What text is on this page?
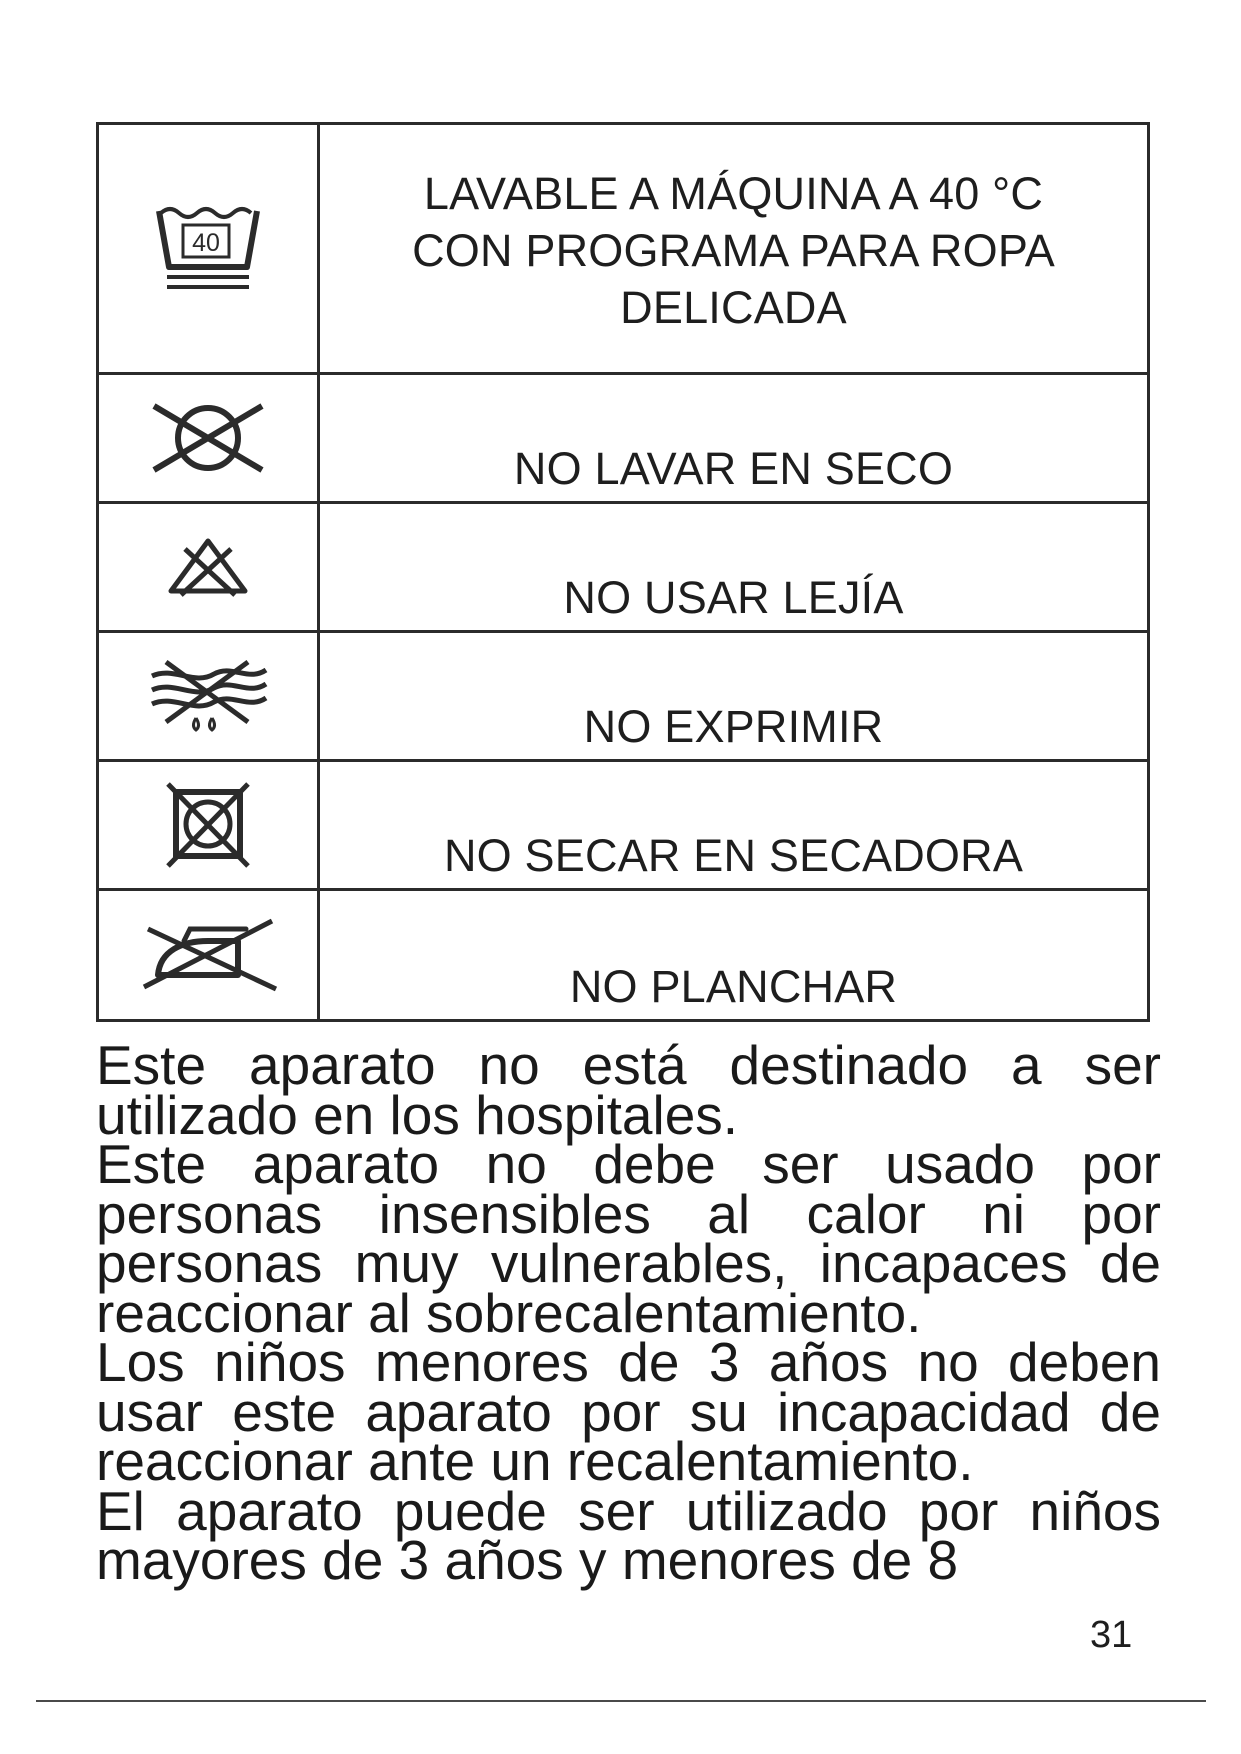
40	LAVABLE A MÁQUINA A 40 °C
CON PROGRAMA PARA ROPA
DELICADA

NO LAVAR EN SECO

NO USAR LEJÍA

NO EXPRIMIR

NO SECAR EN SECADORA

NO PLANCHAR

Este aparato no está destinado a ser utilizado en los hospitales.

Este aparato no debe ser usado por personas insensibles al calor ni por personas muy vulnerables, incapaces de reaccionar al sobrecalentamiento.

Los niños menores de 3 años no deben usar este aparato por su incapacidad de reaccionar ante un recalentamiento.

El aparato puede ser utilizado por niños mayores de 3 años y menores de 8

31
